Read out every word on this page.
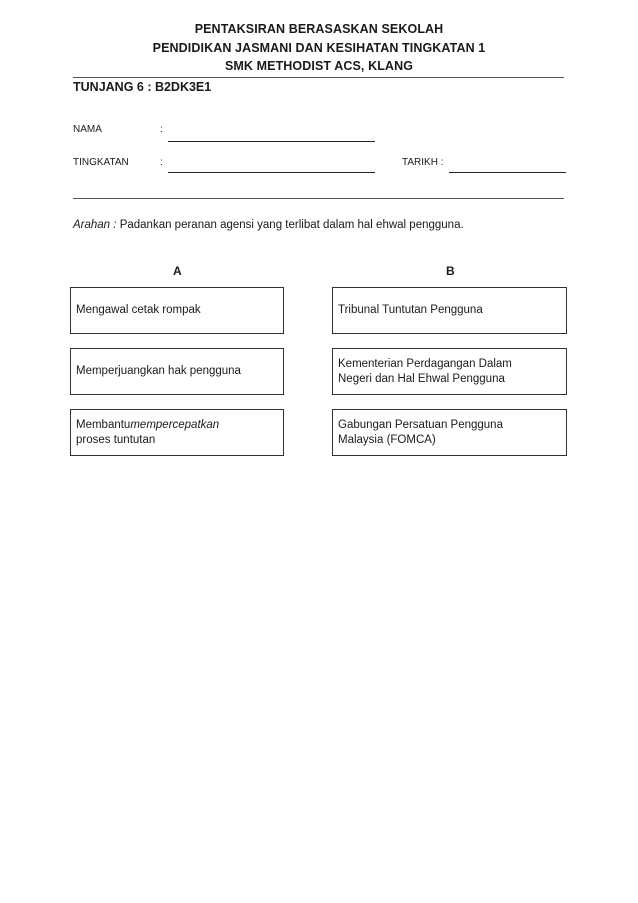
PENTAKSIRAN BERASASKAN SEKOLAH
PENDIDIKAN JASMANI DAN KESIHATAN TINGKATAN 1
SMK METHODIST ACS, KLANG
TUNJANG 6 : B2DK3E1
NAMA	:
TINGKATAN	:	TARIKH :
Arahan : Padankan peranan agensi yang terlibat dalam hal ehwal pengguna.
A	B
Mengawal cetak rompak
Memperjuangkan hak pengguna
Membantumempercepatkan
proses tuntutan
Tribunal Tuntutan Pengguna
Kementerian Perdagangan Dalam
Negeri dan Hal Ehwal Pengguna
Gabungan Persatuan Pengguna
Malaysia (FOMCA)
